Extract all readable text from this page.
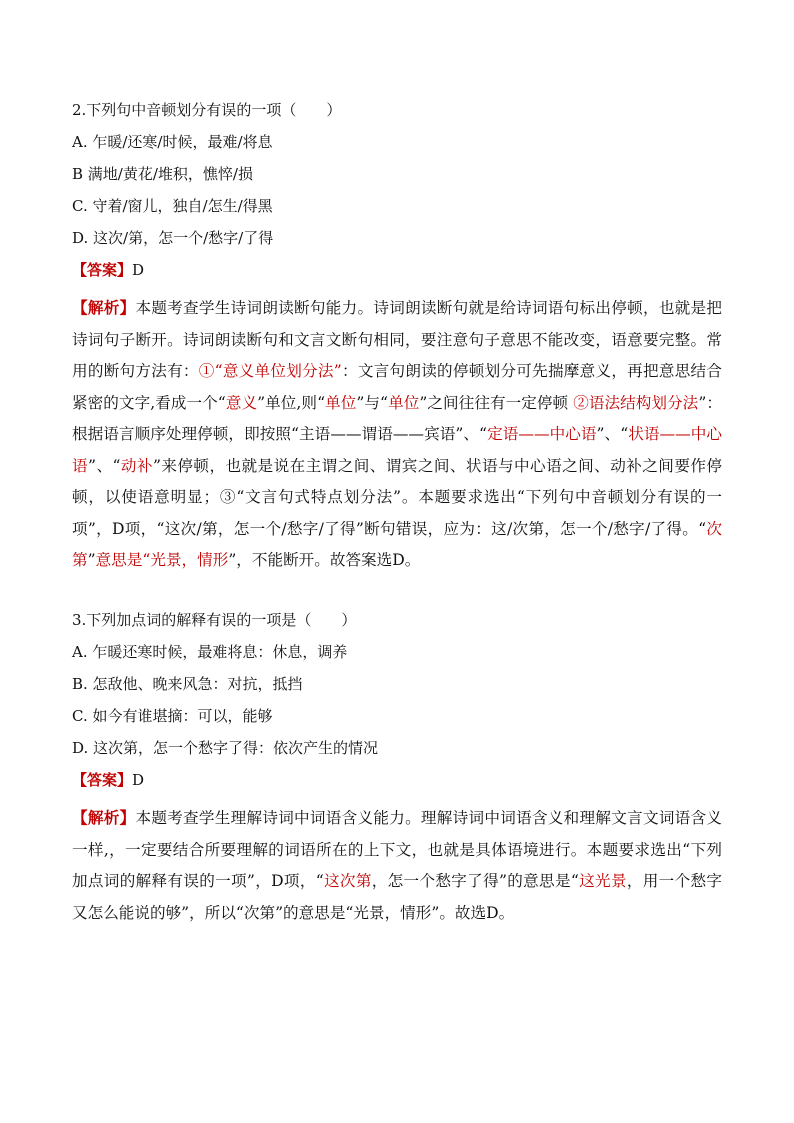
2.下列句中音顿划分有误的一项（　　）
A. 乍暖/还寒/时候，最难/将息
B 满地/黄花/堆积，憔悴/损
C. 守着/窗儿，独自/怎生/得黑
D. 这次/第，怎一个/愁字/了得
【答案】D
【解析】本题考查学生诗词朗读断句能力。诗词朗读断句就是给诗词语句标出停顿，也就是把诗词句子断开。诗词朗读断句和文言文断句相同，要注意句子意思不能改变，语意要完整。常用的断句方法有：①“意义单位划分法”：文言句朗读的停顿划分可先揣摩意义，再把意思结合紧密的文字,看成一个“意义”单位,则“单位”与“单位”之间往往有一定停顿 ②语法结构划分法”：根据语言顺序处理停顿，即按照“主语——谓语——宾语”、“定语——中心语”、“状语——中心语”、“动补”来停顿，也就是说在主谓之间、谓宾之间、状语与中心语之间、动补之间要作停顿，以使语意明显；③“文言句式特点划分法”。本题要求选出“下列句中音顿划分有误的一项”，D项，“这次/第，怎一个/愁字/了得”断句错误，应为：这/次第，怎一个/愁字/了得。“次第”意思是“光景，情形”，不能断开。故答案选D。
3.下列加点词的解释有误的一项是（　　）
A. 乍暖还寒时候，最难将息：休息，调养
B. 怎敌他、晚来风急：对抗，抵挡
C. 如今有谁堪摘：可以，能够
D. 这次第，怎一个愁字了得：依次产生的情况
【答案】D
【解析】本题考查学生理解诗词中词语含义能力。理解诗词中词语含义和理解文言文词语含义一样,，一定要结合所要理解的词语所在的上下文，也就是具体语境进行。本题要求选出“下列加点词的解释有误的一项”，D项，“这次第，怎一个愁字了得”的意思是“这光景，用一个愁字又怎么能说的够”，所以“次第”的意思是“光景，情形”。故选D。
